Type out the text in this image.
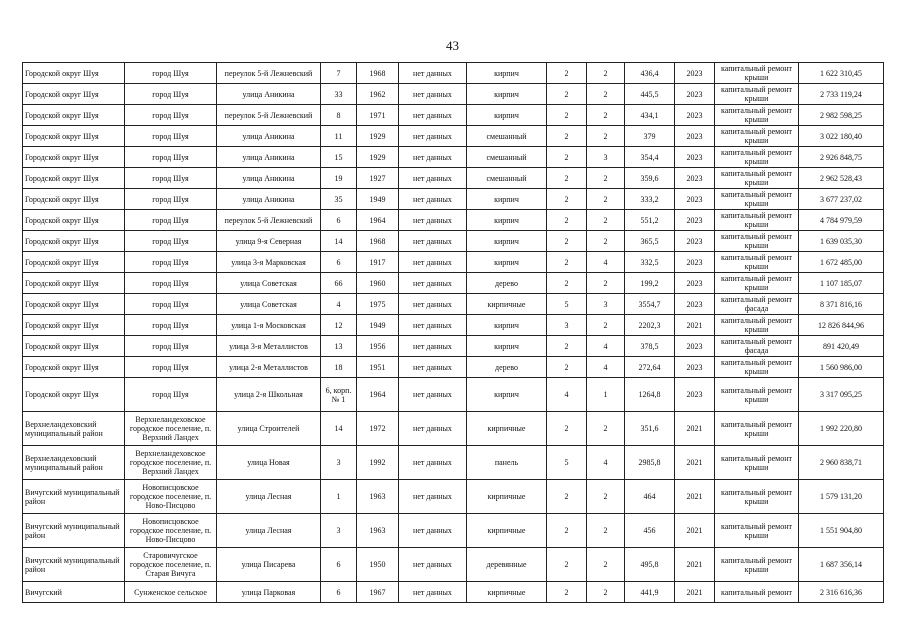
43
Городской округ Шуя	город Шуя	переулок 5-й Лежневский	7	1968	нет данных	кирпич	2	2	436,4	2023	капитальный ремонт крыши	1 622 310,45
Городской округ Шуя	город Шуя	улица Аникина	33	1962	нет данных	кирпич	2	2	445,5	2023	капитальный ремонт крыши	2 733 119,24
Городской округ Шуя	город Шуя	переулок 5-й Лежневский	8	1971	нет данных	кирпич	2	2	434,1	2023	капитальный ремонт крыши	2 982 598,25
Городской округ Шуя	город Шуя	улица Аникина	11	1929	нет данных	смешанный	2	2	379	2023	капитальный ремонт крыши	3 022 180,40
Городской округ Шуя	город Шуя	улица Аникина	15	1929	нет данных	смешанный	2	3	354,4	2023	капитальный ремонт крыши	2 926 848,75
Городской округ Шуя	город Шуя	улица Аникина	19	1927	нет данных	смешанный	2	2	359,6	2023	капитальный ремонт крыши	2 962 528,43
Городской округ Шуя	город Шуя	улица Аникина	35	1949	нет данных	кирпич	2	2	333,2	2023	капитальный ремонт крыши	3 677 237,02
Городской округ Шуя	город Шуя	переулок 5-й Лежневский	6	1964	нет данных	кирпич	2	2	551,2	2023	капитальный ремонт крыши	4 784 979,59
Городской округ Шуя	город Шуя	улица 9-я Северная	14	1968	нет данных	кирпич	2	2	365,5	2023	капитальный ремонт крыши	1 639 035,30
Городской округ Шуя	город Шуя	улица 3-я Марковская	6	1917	нет данных	кирпич	2	4	332,5	2023	капитальный ремонт крыши	1 672 485,00
Городской округ Шуя	город Шуя	улица Советская	66	1960	нет данных	дерево	2	2	199,2	2023	капитальный ремонт крыши	1 107 185,07
Городской округ Шуя	город Шуя	улица Советская	4	1975	нет данных	кирпичные	5	3	3554,7	2023	капитальный ремонт фасада	8 371 816,16
Городской округ Шуя	город Шуя	улица 1-я Московская	12	1949	нет данных	кирпич	3	2	2202,3	2021	капитальный ремонт крыши	12 826 844,96
Городской округ Шуя	город Шуя	улица 3-я Металлистов	13	1956	нет данных	кирпич	2	4	378,5	2023	капитальный ремонт фасада	891 420,49
Городской округ Шуя	город Шуя	улица 2-я Металлистов	18	1951	нет данных	дерево	2	4	272,64	2023	капитальный ремонт крыши	1 560 986,00
Городской округ Шуя	город Шуя	улица 2-я Школьная	6, корп. № 1	1964	нет данных	кирпич	4	1	1264,8	2023	капитальный ремонт крыши	3 317 095,25
Верхнеландеховский муниципальный район	Верхнеландеховское городское поселение, п. Верхний Ландех	улица Строителей	14	1972	нет данных	кирпичные	2	2	351,6	2021	капитальный ремонт крыши	1 992 220,80
Верхнеландеховский муниципальный район	Верхнеландеховское городское поселение, п. Верхний Ландех	улица Новая	3	1992	нет данных	панель	5	4	2985,8	2021	капитальный ремонт крыши	2 960 838,71
Вичугский муниципальный район	Новописцовское городское поселение, п. Ново-Писцово	улица Лесная	1	1963	нет данных	кирпичные	2	2	464	2021	капитальный ремонт крыши	1 579 131,20
Вичугский муниципальный район	Новописцовское городское поселение, п. Ново-Писцово	улица Лесная	3	1963	нет данных	кирпичные	2	2	456	2021	капитальный ремонт крыши	1 551 904,80
Вичугский муниципальный район	Старовичугское городское поселение, п. Старая Вичуга	улица Писарева	6	1950	нет данных	деревянные	2	2	495,8	2021	капитальный ремонт крыши	1 687 356,14
Вичугский	Сунженское сельское	улица Парковая	6	1967	нет данных	кирпичные	2	2	441,9	2021	капитальный ремонт	2 316 616,36
